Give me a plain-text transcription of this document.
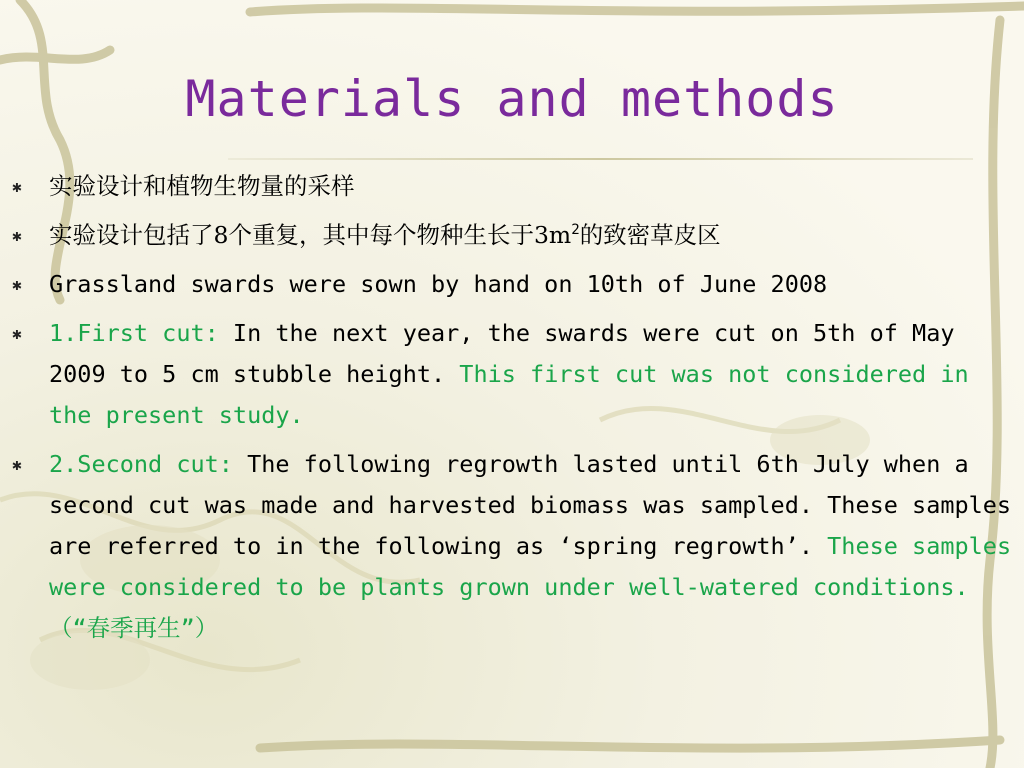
Materials and methods
✱ 实验设计和植物生物量的采样
✱ 实验设计包括了8个重复，其中每个物种生长于$3m^2$的致密草皮区
✱ Grassland swards were sown by hand on 10th of June 2008
✱ 1.First cut: In the next year, the swards were cut on 5th of May 2009 to 5 cm stubble height. This first cut was not considered in the present study.
✱ 2.Second cut: The following regrowth lasted until 6th July when a second cut was made and harvested biomass was sampled. These samples are referred to in the following as ‘spring regrowth’. These samples were considered to be plants grown under well-watered conditions.（“春季再生”）
